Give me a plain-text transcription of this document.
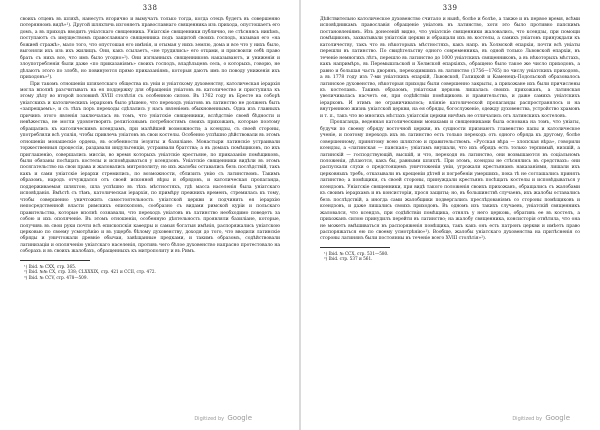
338

своихъ отцевъ въ шляхѣ, нанесутъ вторично и вымучатъ только тогда, когда отецъ будетъ въ совершенно потерянномъ видѣ»¹). Другой шляхтичь изгоняетъ православнаго священника изъ прихода, опустошаетъ его домъ, а въ приходъ вводитъ уніатскаго священника. Уніатскіе священники публично, не стѣсняясь никѣмъ, поступаютъ съ имуществомъ православнаго священника подъ защитой своихъ господъ, называя его «на божией стражѣ», мало того, что опустошая его имѣнія, и отымая у нихъ землю, дома и все что у нихъ было, выгоняли ихъ изъ ихъ жилищъ. Они, какъ ссылаетъ, «не трудились» его отцами, и присвоили себѣ право брать съ нихъ все, что имъ было угодно»²). Они изгнанныхъ священниковъ наказываютъ, и униженія и злоупотребленія были даже «по приказаніямъ» своихъ господъ, владѣльцевъ сель, о которыхъ, говорю, не дѣлаютъ этого по злобѣ, но повинуются прямо приказаніямъ, которыя даютъ имъ по поводу униженія ихъ приходовъ»³).

При такомъ отношеніи шляхетскаго общества къ уніи и уніатскому духовенству, католическая іерархія могла вполнѣ разсчитывать на ея поддержку для обращенія уніатовъ въ католичество и приступила къ этому дѣлу во второй половинѣ XVIII столѣтія съ особенною силою. Въ 1762 году въ Бресте на соборѣ уніатскихъ и католическихъ іерарховъ было рѣшено, что переходъ уніатовъ въ латинство не долженъ быть «запрещаемъ», и съ тѣхъ поръ переходы сдѣлались у насъ явленіемъ обыкновеннымъ. Одна изъ главныхъ причинъ этого явленія заключалась въ томъ, что уніатскіе священники, вслѣдствіе своей бѣдности и невѣжества, не могли удовлетворять религіознымъ потребностямъ своихъ прихожанъ, которые поэтому обращались къ католическимъ ксендзамъ, при малѣйшей возможности; а ксендзы, съ своей стороны, употребляли всѣ усилія, чтобы привлечь уніатовъ въ свои костелы. Особенно успѣшно дѣйствовали въ этомъ отношеніи монашескіе ордена, въ особенности іезуиты и базиліане. Монастыри латинскіе устраивали торжественныя процессіи, раздавали индульгенціи, устраивали братства; а въ домахъ помѣщиковъ, по ихъ приглашенію, совершались миссіи, во время которыхъ уніатскіе крестьяне, по приказанію помѣщиковъ, были обязаны посѣщать костелы и исповѣдываться у ксендзовъ. Уніатскіе священники видѣли въ этомъ посягательство на свои права и жаловались митрополиту; но ихъ жалобы оставались безъ послѣдствій, такъ какъ и сами уніатскіе іерархи стремились, по возможности, сблизить унію съ латинствомъ. Такимъ образомъ, народъ отчуждался отъ своей исконной вѣры и обрядовъ, и католическая пропаганда, поддерживаемая шляхтою, шла успѣшно въ тѣхъ мѣстностяхъ, гдѣ масса населенія была уніатскаго исповѣданія. Вмѣстѣ съ тѣмъ, католическая іерархія, по примѣру прежнихъ временъ, стремилась къ тому, чтобы совершенно уничтожить самостоятельность уніатской церкви и подчинить ея іерархію непосредственной власти римскихъ епископовъ, сообразно съ видами римской куріи и польскаго правительства, которые вполнѣ сознавали, что переходъ уніатовъ въ латинство необходимо поведетъ за собою и ихъ ополяченіе. Въ этомъ отношеніи, особенную дѣятельность проявляли базиліане, которые, получивъ въ свои руки почти всѣ епископскія каѳедры и самыя богатыя имѣнія, распоряжались уніатскою церковью по своему усмотрѣнію и въ ущербъ бѣлому духовенству, доходя до того, что вводили латинскіе обряды и уничтожали древніе обычаи, завѣщанные предками, и такимъ образомъ, содѣйствовали латинизаціи и ополяченію уніатскаго населенія, противъ чего бѣлое духовенство напрасно протестовало на соборахъ и въ своихъ жалобахъ, обращенныхъ къ митрополиту и въ Римъ.

¹) Ibid. № CXX, стр. 365.
²) Ibid. №№ CX, стр. 338; CLXXXIX, стр. 421 и CCII, стр. 472.
³) Ibid. № CCV, стр. 478—509.
Digitized by Google
339

Дѣйствительно католическое духовенство считало и нынѣ, болѣе и болѣе, а также и въ первое время, всѣми исповѣдникамъ православія обращеніе уніатовъ въ латинство, хотя это было противно папскимъ постановленіямъ. Изъ донесеній видно, что уніатскіе священники жаловались, что ксендзы, при помощи помѣщиковъ, захватывали уніатскія церкви и обращали ихъ въ костелы, а самихъ уніатовъ принуждали къ католичеству, такъ что въ нѣкоторыхъ мѣстностяхъ, какъ напр. въ Холмской епархіи, почти всѣ уніаты перешли въ латинство. По свидѣтельству одного современника, въ одной только Львовской епархіи, въ теченіе немногихъ лѣтъ, перешло въ латинство до 1000 уніатскихъ священниковъ, а въ нѣкоторыхъ мѣстахъ, какъ напримѣръ, въ Перемышльской и Хелмской епархіяхъ, обращено было такое же число приходовъ, а равно и большая часть дворянъ, переходившихъ въ латинство (1756—1765) по числу уніатскихъ приходовъ, а въ 1778 году изъ 7-ми уніатскихъ епархій, Львовской, Галицкой и Каменецъ-Подольской образовалось латинское духовенство, нѣкоторыя приходы были совершенно закрыты, а прихожане ихъ были причислены къ костеламъ. Такимъ образомъ, уніатская церковь лишалась своихъ прихожанъ, а латинская увеличивалась насчетъ ея, при содѣйствіи помѣщиковъ и правительства, и даже самихъ уніатскихъ іерарховъ. И этимъ не ограничивалось; вліяніе католической пропаганды распространялось и на внутреннюю жизнь уніатской церкви, на ея обряды, богослуженіе, одежду духовенства, устройство храмовъ и т. п., такъ что во многихъ мѣстахъ уніатскія церкви ничѣмъ не отличались отъ латинскихъ костеловъ.

Пропаганда, веденная католическими монахами и священниками была основана на томъ, что уніаты, будучи по своему обряду восточной церкви, въ сущности признаютъ главенство папы и католическое ученіе, и поэтому переходъ ихъ въ латинство есть только переходъ отъ одного обряда къ другому, болѣе совершенному, принятому всею шляхтою и правительствомъ. «Русская вѣра — хлопская вѣра», говорили ксендзы, а «латинская — панская»; уніатамъ внушали, что ихъ обрядъ есть только терпимый, низшій, а латинскій — господствующій, высшій, и что, переходя въ латинство, они возвышаются въ соціальномъ положеніи, дѣлаются, какъ бы, равными шляхтѣ. При этомъ, ксендзы не стѣснялись въ средствахъ: они распускали слухи о предстоящемъ уничтоженіи уніи, угрожали крестьянамъ наказаніями, лишали ихъ церковныхъ требъ, отказывали въ крещеніи дѣтей и погребеніи умершихъ, пока тѣ не соглашались принять латинство; а помѣщики, съ своей стороны, принуждали крестьянъ посѣщать костелы и исповѣдываться у ксендзовъ. Уніатскіе священники, при видѣ такого положенія своихъ прихожанъ, обращались съ жалобами къ своимъ іерархамъ и въ консисторіи, прося защиты; но, въ большинствѣ случаевъ, ихъ жалобы оставались безъ послѣдствій, а иногда сами жалобщики подвергались преслѣдованіямъ со стороны помѣщиковъ и ксендзовъ, и даже лишались своихъ приходовъ. Въ одномъ изъ такихъ случаевъ, уніатскій священникъ жаловался, что ксендзъ, при содѣйствіи помѣщика, отнялъ у него церковь, обративъ ее въ костелъ, а прихожанъ силою принудилъ перейти въ латинство; на жалобу священника, консисторія отвѣтила, что она не можетъ вмѣшиваться въ распоряженія помѣщика, такъ какъ онъ есть патронъ церкви и имѣетъ право распоряжаться ею по своему усмотрѣнію»¹). Вообще, жалобы уніатскаго духовенства на притѣсненія со стороны латинянъ были постоянны въ теченіе всего XVIII столѣтія»²).

¹) Ibid. № CCX, стр. 531—580.
²) Ibid. стр. 537 и 561.
Digitized by Google
